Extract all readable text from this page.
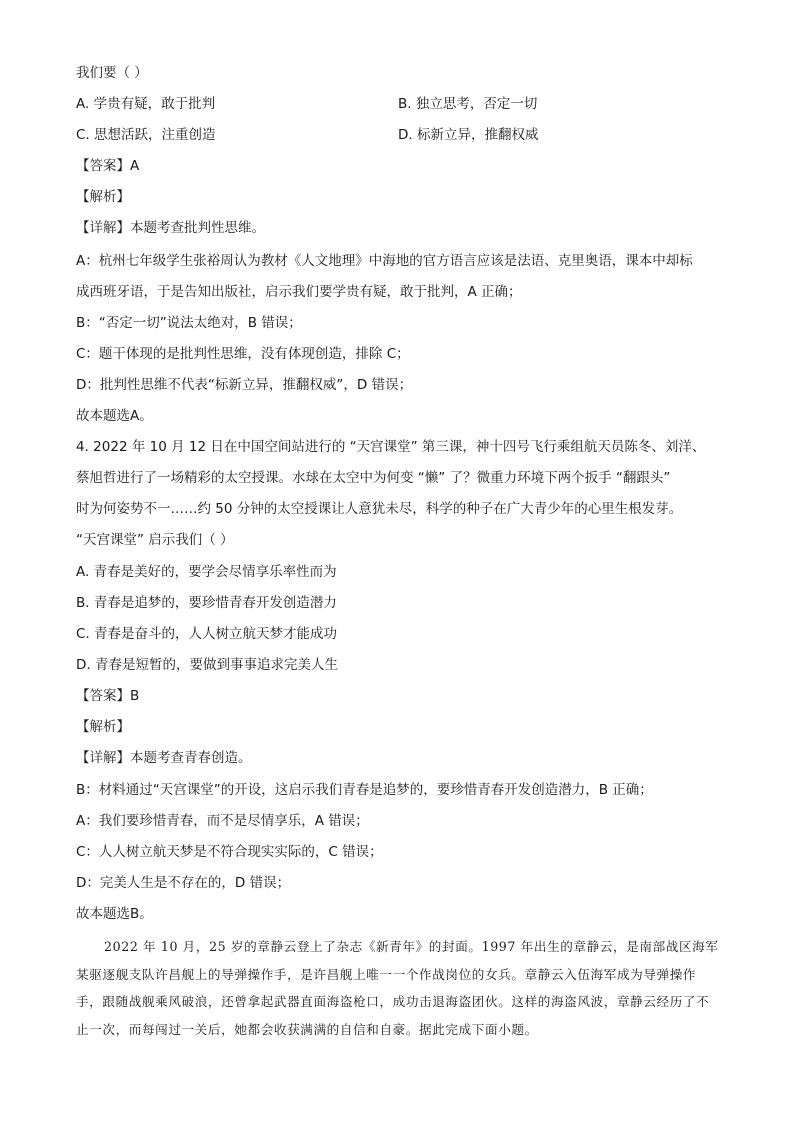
我们要（ ）
A. 学贵有疑，敢于批判	B. 独立思考，否定一切
C. 思想活跃，注重创造	D. 标新立异，推翻权威
【答案】A
【解析】
【详解】本题考查批判性思维。
A：杭州七年级学生张裕周认为教材《人文地理》中海地的官方语言应该是法语、克里奥语，课本中却标
成西班牙语，于是告知出版社，启示我们要学贵有疑，敢于批判，A 正确；
B：“否定一切”说法太绝对，B 错误；
C：题干体现的是批判性思维，没有体现创造，排除 C；
D：批判性思维不代表“标新立异，推翻权威”，D 错误；
故本题选A。
4. 2022 年 10 月 12 日在中国空间站进行的 “天宫课堂” 第三课，神十四号飞行乘组航天员陈冬、刘洋、
蔡旭哲进行了一场精彩的太空授课。水球在太空中为何变 “懒” 了？微重力环境下两个扳手 “翻跟头”
时为何姿势不一……约 50 分钟的太空授课让人意犹未尽，科学的种子在广大青少年的心里生根发芽。
“天宫课堂” 启示我们（ ）
A. 青春是美好的，要学会尽情享乐率性而为
B. 青春是追梦的，要珍惜青春开发创造潜力
C. 青春是奋斗的，人人树立航天梦才能成功
D. 青春是短暂的，要做到事事追求完美人生
【答案】B
【解析】
【详解】本题考查青春创造。
B：材料通过“天宫课堂”的开设，这启示我们青春是追梦的，要珍惜青春开发创造潜力，B 正确；
A：我们要珍惜青春，而不是尽情享乐，A 错误；
C：人人树立航天梦是不符合现实实际的，C 错误；
D：完美人生是不存在的，D 错误；
故本题选B。
2022 年 10 月，25 岁的章静云登上了杂志《新青年》的封面。1997 年出生的章静云，是南部战区海军某驱逐舰支队许昌舰上的导弹操作手，是许昌舰上唯一一个作战岗位的女兵。章静云入伍海军成为导弹操作手，跟随战舰乘风破浪，还曾拿起武器直面海盗枪口，成功击退海盗团伙。这样的海盗风波，章静云经历了不止一次，而每闯过一关后，她都会收获满满的自信和自豪。据此完成下面小题。
